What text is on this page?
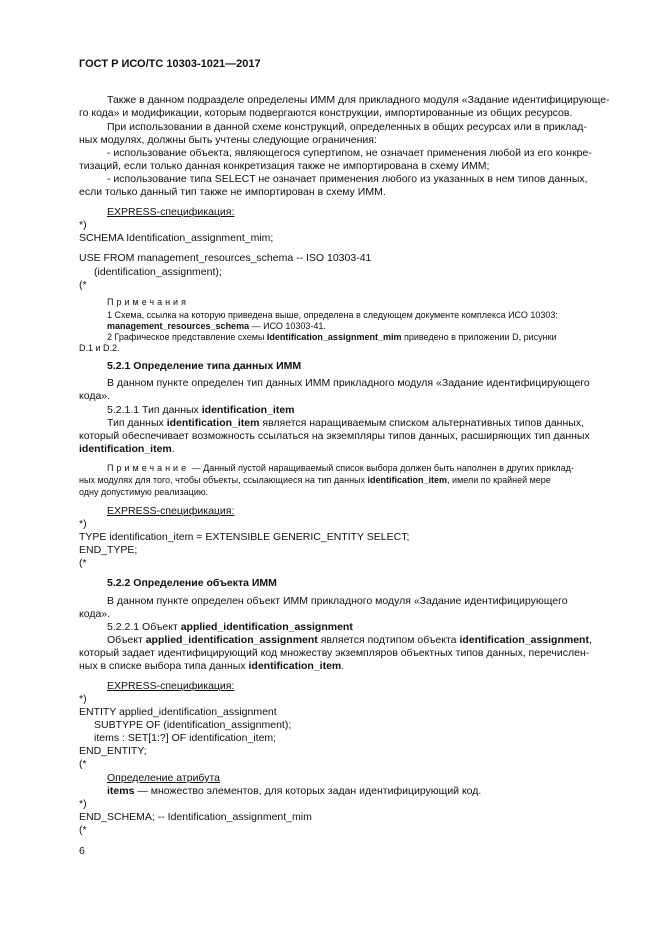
ГОСТ Р ИСО/ТС 10303-1021—2017
Также в данном подразделе определены ИММ для прикладного модуля «Задание идентифицирующе-
го кода» и модификации, которым подвергаются конструкции, импортированные из общих ресурсов.
При использовании в данной схеме конструкций, определенных в общих ресурсах или в приклад-
ных модулях, должны быть учтены следующие ограничения:
- использование объекта, являющегося супертипом, не означает применения любой из его конкре-
тизаций, если только данная конкретизация также не импортирована в схему ИММ;
- использование типа SELECT не означает применения любого из указанных в нем типов данных,
если только данный тип также не импортирован в схему ИММ.
EXPRESS-спецификация:
*)
SCHEMA Identification_assignment_mim;
USE FROM management_resources_schema -- ISO 10303-41
(identification_assignment);
(*
Примечания
1 Схема, ссылка на которую приведена выше, определена в следующем документе комплекса ИСО 10303:
management_resources_schema — ИСО 10303-41.
2 Графическое представление схемы Identification_assignment_mim приведено в приложении D, рисунки
D.1 и D.2.
5.2.1 Определение типа данных ИММ
В данном пункте определен тип данных ИММ прикладного модуля «Задание идентифицирующего
кода».
5.2.1.1 Тип данных identification_item
Тип данных identification_item является наращиваемым списком альтернативных типов данных,
который обеспечивает возможность ссылаться на экземпляры типов данных, расширяющих тип данных
identification_item.
Примечание — Данный пустой наращиваемый список выбора должен быть наполнен в других приклад-
ных модулях для того, чтобы объекты, ссылающиеся на тип данных identification_item, имели по крайней мере
одну допустимую реализацию.
EXPRESS-спецификация:
*)
TYPE identification_item = EXTENSIBLE GENERIC_ENTITY SELECT;
END_TYPE;
(*
5.2.2 Определение объекта ИММ
В данном пункте определен объект ИММ прикладного модуля «Задание идентифицирующего
кода».
5.2.2.1 Объект applied_identification_assignment
Объект applied_identification_assignment является подтипом объекта identification_assignment,
который задает идентифицирующий код множеству экземпляров объектных типов данных, перечислен-
ных в списке выбора типа данных identification_item.
EXPRESS-спецификация:
*)
ENTITY applied_identification_assignment
SUBTYPE OF (identification_assignment);
items : SET[1:?] OF identification_item;
END_ENTITY;
(*
Определение атрибута
items — множество элементов, для которых задан идентифицирующий код.
*)
END_SCHEMA; -- Identification_assignment_mim
(*
6
